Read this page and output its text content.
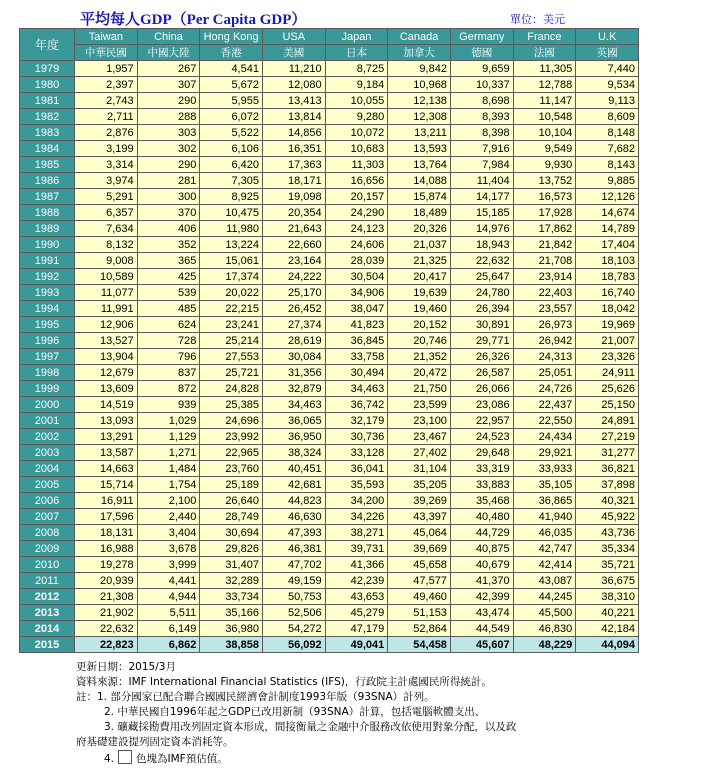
平均每人GDP（Per Capita GDP）	單位：美元
年度	Taiwan	China	Hong Kong	USA	Japan	Canada	Germany	France	U.K
	中華民國	中國大陸	香港	美國	日本	加拿大	德國	法國	英國
1979	1,957	267	4,541	11,210	8,725	9,842	9,659	11,305	7,440
1980	2,397	307	5,672	12,080	9,184	10,968	10,337	12,788	9,534
1981	2,743	290	5,955	13,413	10,055	12,138	8,698	11,147	9,113
1982	2,711	288	6,072	13,814	9,280	12,308	8,393	10,548	8,609
1983	2,876	303	5,522	14,856	10,072	13,211	8,398	10,104	8,148
1984	3,199	302	6,106	16,351	10,683	13,593	7,916	9,549	7,682
1985	3,314	290	6,420	17,363	11,303	13,764	7,984	9,930	8,143
1986	3,974	281	7,305	18,171	16,656	14,088	11,404	13,752	9,885
1987	5,291	300	8,925	19,098	20,157	15,874	14,177	16,573	12,126
1988	6,357	370	10,475	20,354	24,290	18,489	15,185	17,928	14,674
1989	7,634	406	11,980	21,643	24,123	20,326	14,976	17,862	14,789
1990	8,132	352	13,224	22,660	24,606	21,037	18,943	21,842	17,404
1991	9,008	365	15,061	23,164	28,039	21,325	22,632	21,708	18,103
1992	10,589	425	17,374	24,222	30,504	20,417	25,647	23,914	18,783
1993	11,077	539	20,022	25,170	34,906	19,639	24,780	22,403	16,740
1994	11,991	485	22,215	26,452	38,047	19,460	26,394	23,557	18,042
1995	12,906	624	23,241	27,374	41,823	20,152	30,891	26,973	19,969
1996	13,527	728	25,214	28,619	36,845	20,746	29,771	26,942	21,007
1997	13,904	796	27,553	30,084	33,758	21,352	26,326	24,313	23,326
1998	12,679	837	25,721	31,356	30,494	20,472	26,587	25,051	24,911
1999	13,609	872	24,828	32,879	34,463	21,750	26,066	24,726	25,626
2000	14,519	939	25,385	34,463	36,742	23,599	23,086	22,437	25,150
2001	13,093	1,029	24,696	36,065	32,179	23,100	22,957	22,550	24,891
2002	13,291	1,129	23,992	36,950	30,736	23,467	24,523	24,434	27,219
2003	13,587	1,271	22,965	38,324	33,128	27,402	29,648	29,921	31,277
2004	14,663	1,484	23,760	40,451	36,041	31,104	33,319	33,933	36,821
2005	15,714	1,754	25,189	42,681	35,593	35,205	33,883	35,105	37,898
2006	16,911	2,100	26,640	44,823	34,200	39,269	35,468	36,865	40,321
2007	17,596	2,440	28,749	46,630	34,226	43,397	40,480	41,940	45,922
2008	18,131	3,404	30,694	47,393	38,271	45,064	44,729	46,035	43,736
2009	16,988	3,678	29,826	46,381	39,731	39,669	40,875	42,747	35,334
2010	19,278	3,999	31,407	47,702	41,366	45,658	40,679	42,414	35,721
2011	20,939	4,441	32,289	49,159	42,239	47,577	41,370	43,087	36,675
2012	21,308	4,944	33,734	50,753	43,653	49,460	42,399	44,245	38,310
2013	21,902	5,511	35,166	52,506	45,279	51,153	43,474	45,500	40,221
2014	22,632	6,149	36,980	54,272	47,179	52,864	44,549	46,830	42,184
2015	22,823	6,862	38,858	56,092	49,041	54,458	45,607	48,229	44,094
更新日期：2015/3月
資料來源：IMF International Financial Statistics (IFS)，行政院主計處國民所得統計。
註：1. 部分國家已配合聯合國國民經濟會計制度1993年版（93SNA）計列。
2. 中華民國自1996年起之GDP已改用新制（93SNA）計算，包括電腦軟體支出、
3. 礦藏採勘費用改列固定資本形成，間接衡量之金融中介服務改依使用對象分配，以及政
府基礎建設提列固定資本消耗等。
4. 色塊為IMF預估值。
